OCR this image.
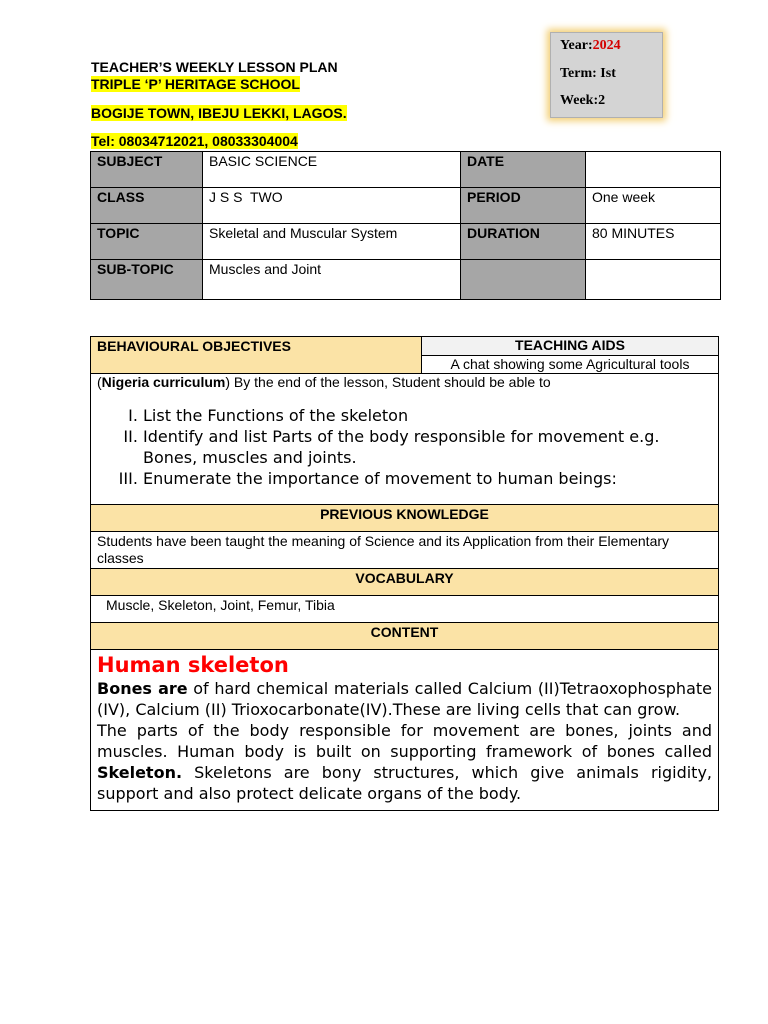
Year:2024
Term: Ist
Week:2
TEACHER’S WEEKLY LESSON PLAN
TRIPLE ‘P’ HERITAGE SCHOOL
BOGIJE TOWN, IBEJU LEKKI, LAGOS.
Tel: 08034712021, 08033304004
SUBJECT	BASIC SCIENCE	DATE	
CLASS	J S S  TWO	PERIOD	One week
TOPIC	Skeletal and Muscular System	DURATION	80 MINUTES
SUB-TOPIC	Muscles and Joint		
BEHAVIOURAL OBJECTIVES	TEACHING AIDS
A chat showing some Agricultural tools

(Nigeria curriculum) By the end of the lesson, Student should be able to
I. List the Functions of the skeleton
II. Identify and list Parts of the body responsible for movement e.g. Bones, muscles and joints.
III. Enumerate the importance of movement to human beings:

PREVIOUS KNOWLEDGE
Students have been taught the meaning of Science and its Application from their Elementary classes
VOCABULARY
Muscle, Skeleton, Joint, Femur, Tibia
CONTENT

Human skeleton
Bones are of hard chemical materials called Calcium (II)Tetraoxophosphate (IV), Calcium (II) Trioxocarbonate(IV).These are living cells that can grow.
The parts of the body responsible for movement are bones, joints and muscles. Human body is built on supporting framework of bones called Skeleton. Skeletons are bony structures, which give animals rigidity, support and also protect delicate organs of the body.
